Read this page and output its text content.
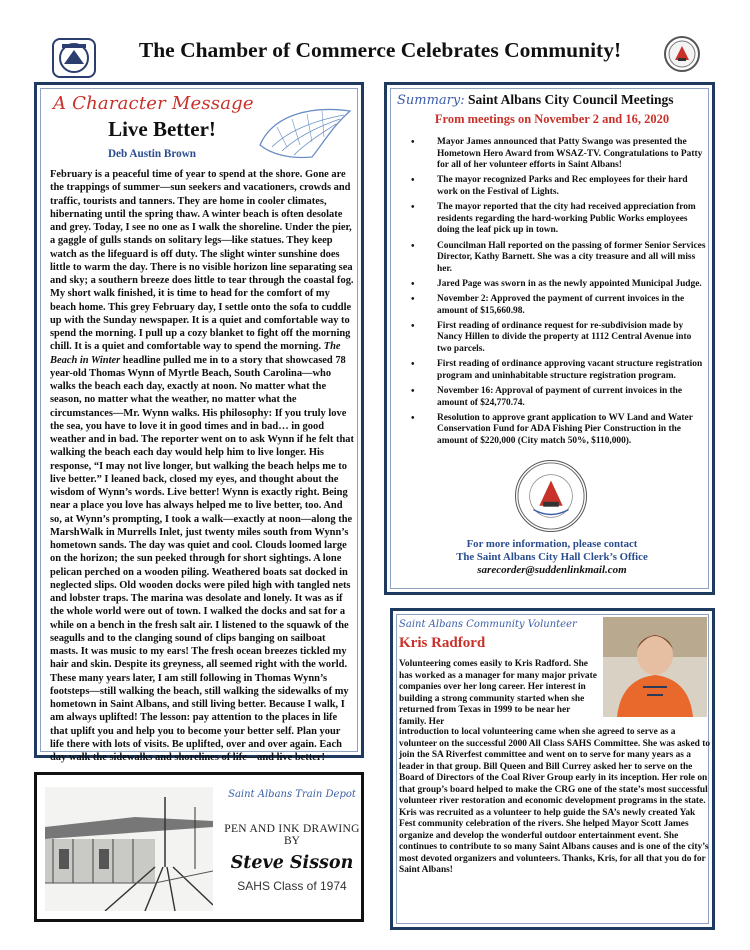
The Chamber of Commerce Celebrates Community!
A Character Message
Live Better!
Deb Austin Brown
February is a peaceful time of year to spend at the shore. Gone are the trappings of summer—sun seekers and vacationers, crowds and traffic, tourists and tanners. They are home in cooler climates, hibernating until the spring thaw. A winter beach is often desolate and grey. Today, I see no one as I walk the shoreline. Under the pier, a gaggle of gulls stands on solitary legs—like statues. They keep watch as the lifeguard is off duty. The slight winter sunshine does little to warm the day. There is no visible horizon line separating sea and sky; a southern breeze does little to tear through the coastal fog. My short walk finished, it is time to head for the comfort of my beach home. This grey February day, I settle onto the sofa to cuddle up with the Sunday newspaper. It is a quiet and comfortable way to spend the morning. I pull up a cozy blanket to fight off the morning chill. It is a quiet and comfortable way to spend the morning. The Beach in Winter headline pulled me in to a story that showcased 78 year-old Thomas Wynn of Myrtle Beach, South Carolina—who walks the beach each day, exactly at noon. No matter what the season, no matter what the weather, no matter what the circumstances—Mr. Wynn walks. His philosophy: If you truly love the sea, you have to love it in good times and in bad… in good weather and in bad. The reporter went on to ask Wynn if he felt that walking the beach each day would help him to live longer. His response, “I may not live longer, but walking the beach helps me to live better.” I leaned back, closed my eyes, and thought about the wisdom of Wynn’s words. Live better! Wynn is exactly right. Being near a place you love has always helped me to live better, too. And so, at Wynn’s prompting, I took a walk—exactly at noon—along the MarshWalk in Murrells Inlet, just twenty miles south from Wynn’s hometown sands. The day was quiet and cool. Clouds loomed large on the horizon; the sun peeked through for short sightings. A lone pelican perched on a wooden piling. Weathered boats sat docked in neglected slips. Old wooden docks were piled high with tangled nets and lobster traps. The marina was desolate and lonely. It was as if the whole world were out of town. I walked the docks and sat for a while on a bench in the fresh salt air. I listened to the squawk of the seagulls and to the clanging sound of clips banging on sailboat masts. It was music to my ears! The fresh ocean breezes tickled my hair and skin. Despite its greyness, all seemed right with the world. These many years later, I am still following in Thomas Wynn’s footsteps—still walking the beach, still walking the sidewalks of my hometown in Saint Albans, and still living better. Because I walk, I am always uplifted! The lesson: pay attention to the places in life that uplift you and help you to become your better self. Plan your life there with lots of visits. Be uplifted, over and over again. Each day walk the sidewalks and shorelines of life—and live better!
Saint Albans Train Depot
PEN AND INK DRAWING
BY
Steve Sisson
SAHS Class of 1974
Summary: Saint Albans City Council Meetings
From meetings on November 2 and 16, 2020
• Mayor James announced that Patty Swango was presented the Hometown Hero Award from WSAZ-TV. Congratulations to Patty for all of her volunteer efforts in Saint Albans!
• The mayor recognized Parks and Rec employees for their hard work on the Festival of Lights.
• The mayor reported that the city had received appreciation from residents regarding the hard-working Public Works employees doing the leaf pick up in town.
• Councilman Hall reported on the passing of former Senior Services Director, Kathy Barnett. She was a city treasure and all will miss her.
• Jared Page was sworn in as the newly appointed Municipal Judge.
• November 2: Approved the payment of current invoices in the amount of $15,660.98.
• First reading of ordinance request for re-subdivision made by Nancy Hillen to divide the property at 1112 Central Avenue into two parcels.
• First reading of ordinance approving vacant structure registration program and uninhabitable structure registration program.
• November 16: Approval of payment of current invoices in the amount of $24,770.74.
• Resolution to approve grant application to WV Land and Water Conservation Fund for ADA Fishing Pier Construction in the amount of $220,000 (City match 50%, $110,000).
For more information, please contact
The Saint Albans City Hall Clerk’s Office
sarecorder@suddenlinkmail.com
Saint Albans Community Volunteer
Kris Radford
Volunteering comes easily to Kris Radford. She has worked as a manager for many major private companies over her long career. Her interest in building a strong community started when she returned from Texas in 1999 to be near her family. Her
introduction to local volunteering came when she agreed to serve as a volunteer on the successful 2000 All Class SAHS Committee. She was asked to join the SA Riverfest committee and went on to serve for many years as a leader in that group. Bill Queen and Bill Currey asked her to serve on the Board of Directors of the Coal River Group early in its inception. Her role on that group’s board helped to make the CRG one of the state’s most successful volunteer river restoration and economic development programs in the state. Kris was recruited as a volunteer to help guide the SA’s newly created Yak Fest community celebration of the rivers. She helped Mayor Scott James organize and develop the wonderful outdoor entertainment event. She continues to contribute to so many Saint Albans causes and is one of the city’s most devoted organizers and volunteers. Thanks, Kris, for all that you do for Saint Albans!
